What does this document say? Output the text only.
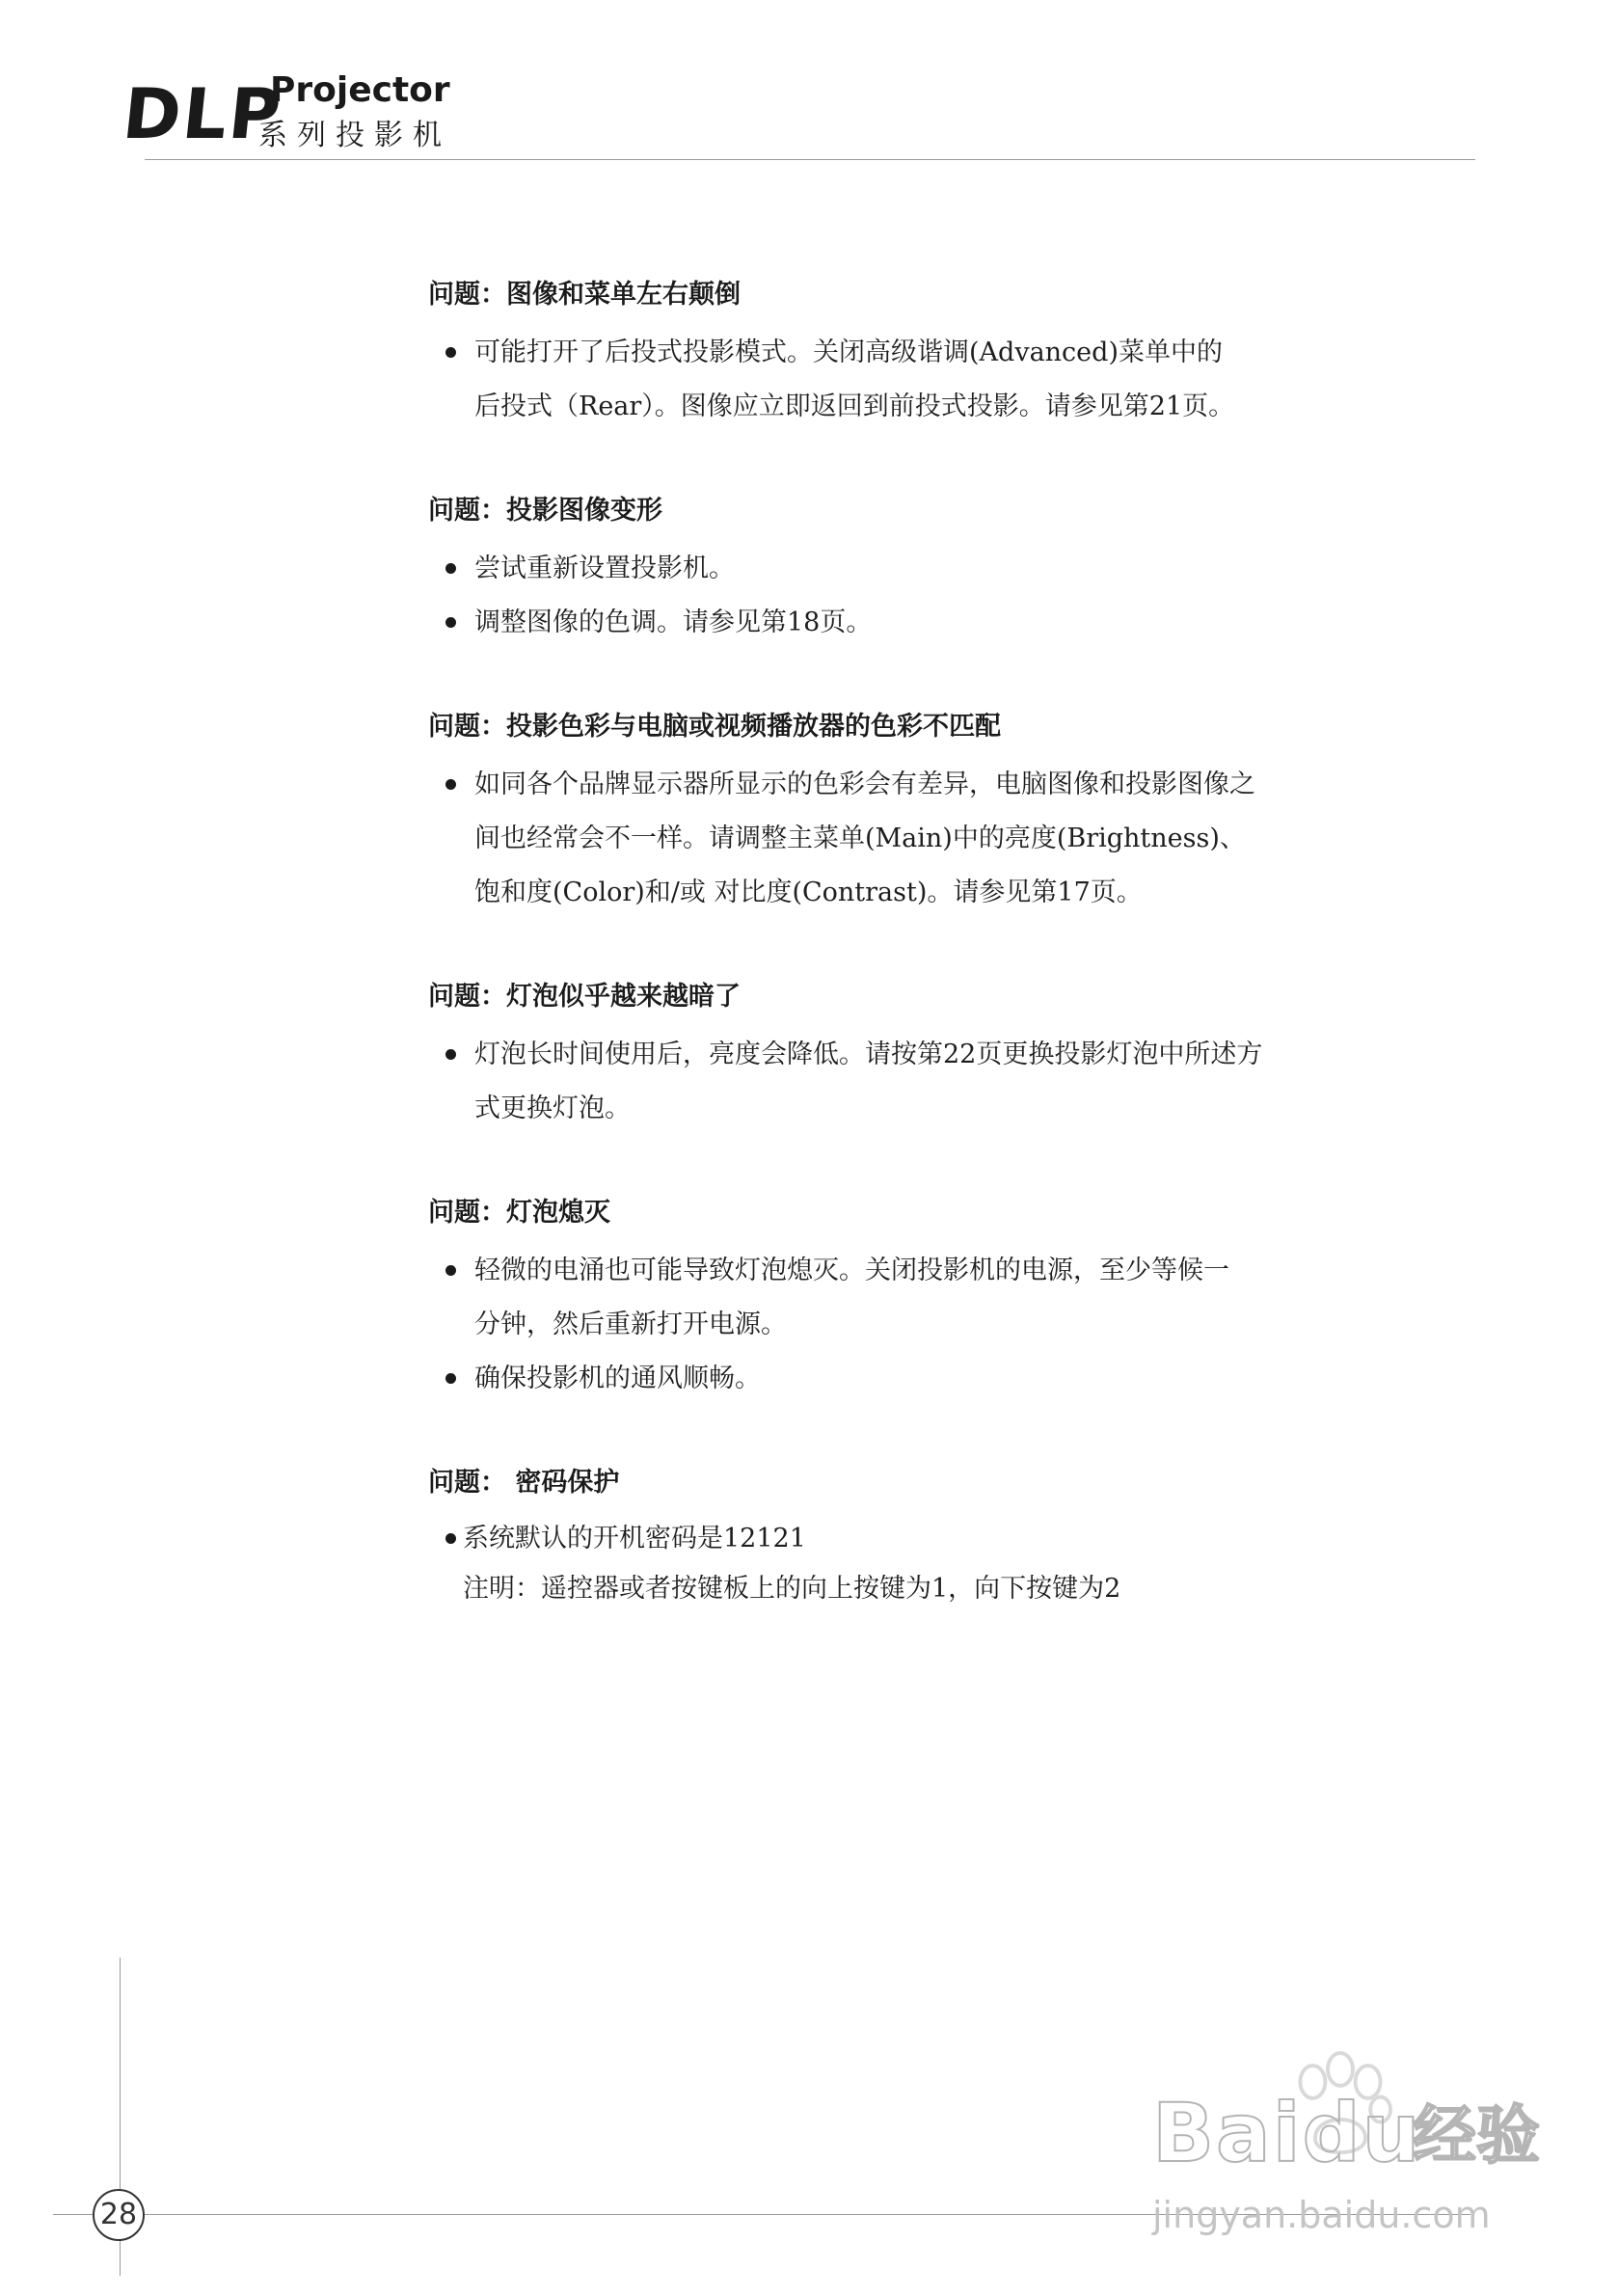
DLP
Projector
系列投影机
问题：图像和菜单左右颠倒
可能打开了后投式投影模式。关闭高级谐调(Advanced)菜单中的
后投式（Rear）。图像应立即返回到前投式投影。请参见第21页。
问题：投影图像变形
尝试重新设置投影机。
调整图像的色调。请参见第18页。
问题：投影色彩与电脑或视频播放器的色彩不匹配
如同各个品牌显示器所显示的色彩会有差异，电脑图像和投影图像之
间也经常会不一样。请调整主菜单(Main)中的亮度(Brightness)、
饱和度(Color)和/或 对比度(Contrast)。请参见第17页。
问题：灯泡似乎越来越暗了
灯泡长时间使用后，亮度会降低。请按第22页更换投影灯泡中所述方
式更换灯泡。
问题：灯泡熄灭
轻微的电涌也可能导致灯泡熄灭。关闭投影机的电源，至少等候一
分钟，然后重新打开电源。
确保投影机的通风顺畅。
问题： 密码保护
系统默认的开机密码是12121
注明：遥控器或者按键板上的向上按键为1，向下按键为2
28
Baidu
经验
jingyan.baidu.com
